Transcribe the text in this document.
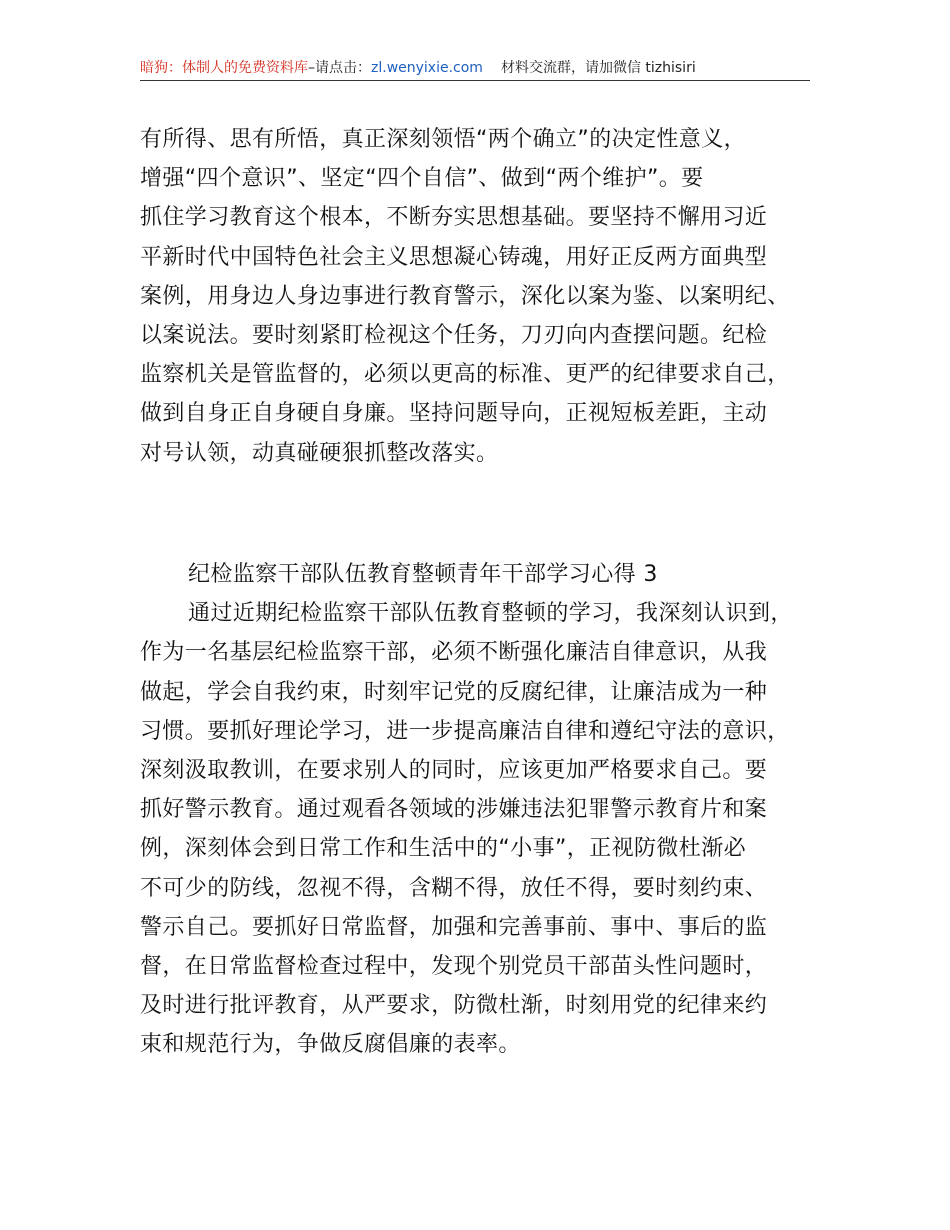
暗狗：体制人的免费资料库–请点击：zl.wenyixie.com 材料交流群，请加微信 tizhisiri
有所得、思有所悟，真正深刻领悟“两个确立”的决定性意义，
增强“四个意识”、坚定“四个自信”、做到“两个维护”。要
抓住学习教育这个根本，不断夯实思想基础。要坚持不懈用习近
平新时代中国特色社会主义思想凝心铸魂，用好正反两方面典型
案例，用身边人身边事进行教育警示，深化以案为鉴、以案明纪、
以案说法。要时刻紧盯检视这个任务，刀刃向内查摆问题。纪检
监察机关是管监督的，必须以更高的标准、更严的纪律要求自己，
做到自身正自身硬自身廉。坚持问题导向，正视短板差距，主动
对号认领，动真碰硬狠抓整改落实。
纪检监察干部队伍教育整顿青年干部学习心得 3
通过近期纪检监察干部队伍教育整顿的学习，我深刻认识到，
作为一名基层纪检监察干部，必须不断强化廉洁自律意识，从我
做起，学会自我约束，时刻牢记党的反腐纪律，让廉洁成为一种
习惯。要抓好理论学习，进一步提高廉洁自律和遵纪守法的意识，
深刻汲取教训，在要求别人的同时，应该更加严格要求自己。要
抓好警示教育。通过观看各领域的涉嫌违法犯罪警示教育片和案
例，深刻体会到日常工作和生活中的“小事”，正视防微杜渐必
不可少的防线，忽视不得，含糊不得，放任不得，要时刻约束、
警示自己。要抓好日常监督，加强和完善事前、事中、事后的监
督，在日常监督检查过程中，发现个别党员干部苗头性问题时，
及时进行批评教育，从严要求，防微杜渐，时刻用党的纪律来约
束和规范行为，争做反腐倡廉的表率。
